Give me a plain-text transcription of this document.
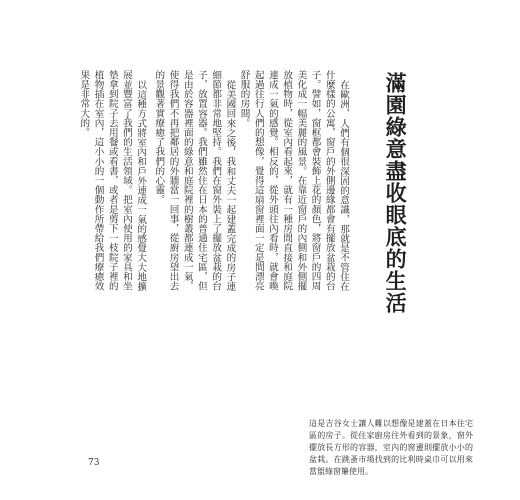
滿園綠意盡收眼底的生活

在歐洲，人們有個很深固的意識，那就是不管住在什麼樣的公寓，窗戶的外側邊緣都會有擺放盆栽的台子。譬如，窗框都會裝飾上花的顏色，將窗戶的四周美化成一幅美麗的風景。在靠近窗戶的內側和外側擺放植物時，從室內看起來，就有一種房間直接和庭院連成一氣的感覺。相反的，從外頭往內看時，就會喚起過往行人們的想像，覺得這扇窗裡面一定是間漂亮舒服的房間。

從美國回來之後，我和丈夫一起建蓋完成的房子連細節都非常地堅持。我們在窗外裝上了擺放盆栽的台子，放置容器。我們雖然住在日本的普通住宅區，但是由於容器裡面的綠意和庭院裡的樹叢都連成一氣，使得我們不再把鄰居的外牆當一回事，從廚房望出去的景觀著實療癒了我們的心靈。

以這種方式將室內和戶外連成一氣的感覺大大地擴展並豐富了我們的生活領域。把室內使用的家具和坐墊拿到院子去用餐或看書，或者是剪下一枝院子裡的植物插在室內，這小小的一個動作所帶給我們療癒效果是非常大的。

這是吉谷女士讓人難以想像是建蓋在日本住宅區的房子。從住家廚房往外看到的景象，窗外擺放長方形的容器，室內的窗邊則擺放小小的盆栽。在跳蚤市場找到的比利時桌巾可以用來當盥綠窗簾使用。
73
